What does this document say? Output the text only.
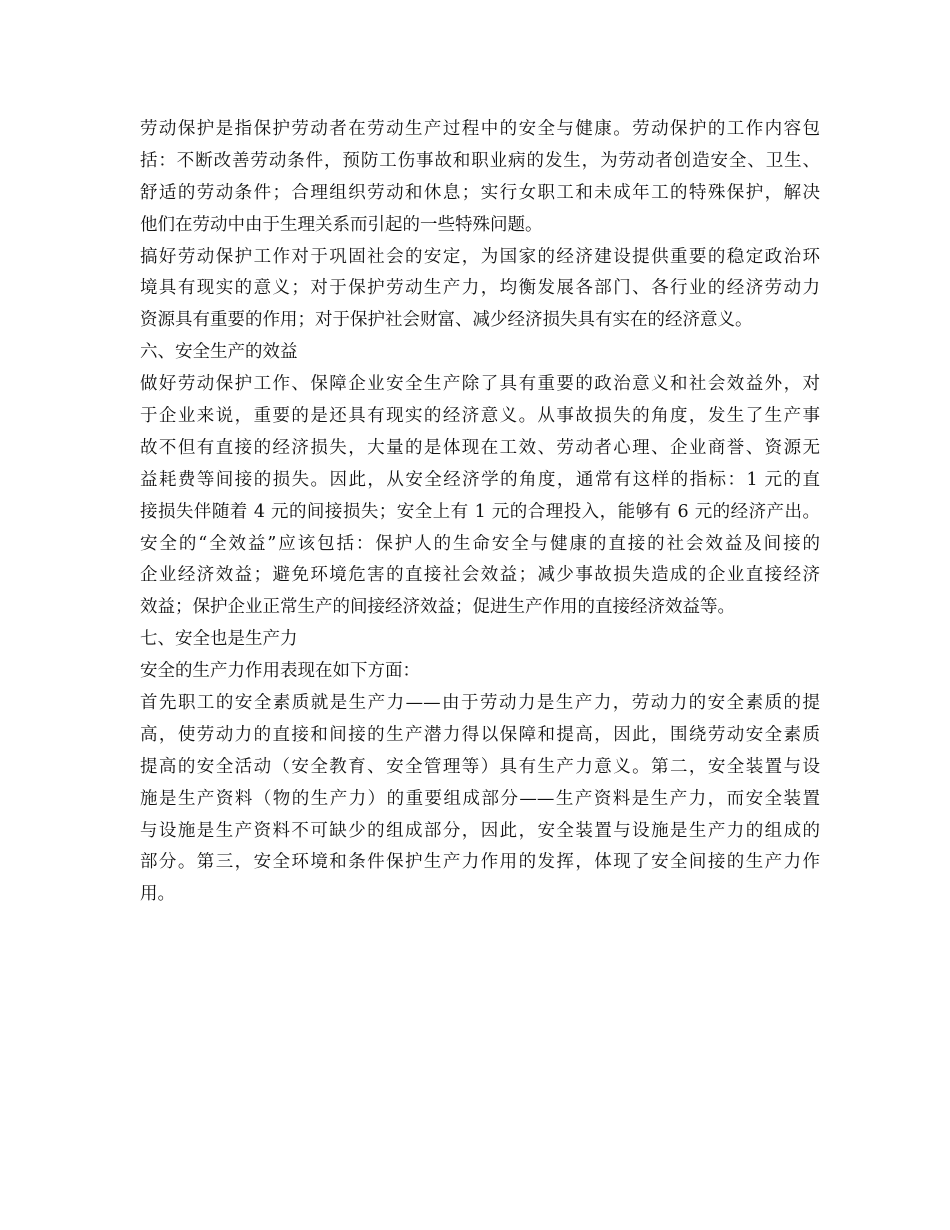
劳动保护是指保护劳动者在劳动生产过程中的安全与健康。劳动保护的工作内容包
括：不断改善劳动条件，预防工伤事故和职业病的发生，为劳动者创造安全、卫生、
舒适的劳动条件；合理组织劳动和休息；实行女职工和未成年工的特殊保护，解决
他们在劳动中由于生理关系而引起的一些特殊问题。
搞好劳动保护工作对于巩固社会的安定，为国家的经济建设提供重要的稳定政治环
境具有现实的意义；对于保护劳动生产力，均衡发展各部门、各行业的经济劳动力
资源具有重要的作用；对于保护社会财富、减少经济损失具有实在的经济意义。
六、安全生产的效益
做好劳动保护工作、保障企业安全生产除了具有重要的政治意义和社会效益外，对
于企业来说，重要的是还具有现实的经济意义。从事故损失的角度，发生了生产事
故不但有直接的经济损失，大量的是体现在工效、劳动者心理、企业商誉、资源无
益耗费等间接的损失。因此，从安全经济学的角度，通常有这样的指标：1 元的直
接损失伴随着 4 元的间接损失；安全上有 1 元的合理投入，能够有 6 元的经济产出。
安全的“全效益”应该包括：保护人的生命安全与健康的直接的社会效益及间接的
企业经济效益；避免环境危害的直接社会效益；减少事故损失造成的企业直接经济
效益；保护企业正常生产的间接经济效益；促进生产作用的直接经济效益等。
七、安全也是生产力
安全的生产力作用表现在如下方面：
首先职工的安全素质就是生产力——由于劳动力是生产力，劳动力的安全素质的提
高，使劳动力的直接和间接的生产潜力得以保障和提高，因此，围绕劳动安全素质
提高的安全活动（安全教育、安全管理等）具有生产力意义。第二，安全装置与设
施是生产资料（物的生产力）的重要组成部分——生产资料是生产力，而安全装置
与设施是生产资料不可缺少的组成部分，因此，安全装置与设施是生产力的组成的
部分。第三，安全环境和条件保护生产力作用的发挥，体现了安全间接的生产力作
用。
